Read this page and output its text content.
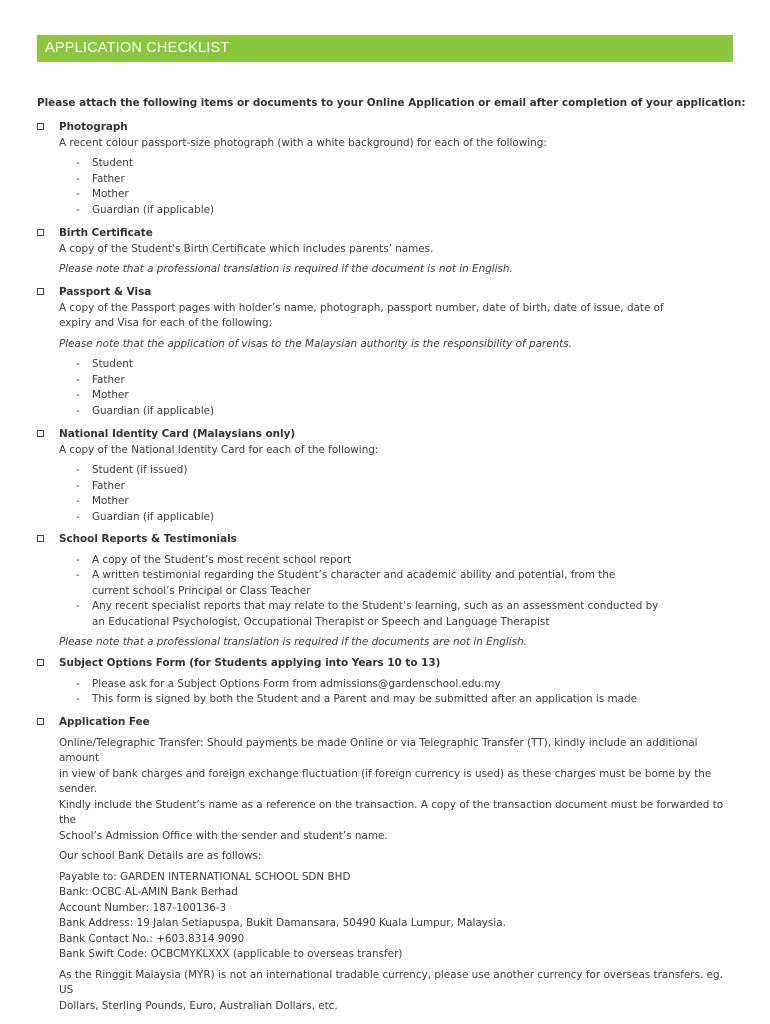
APPLICATION CHECKLIST
Please attach the following items or documents to your Online Application or email after completion of your application:
Photograph
A recent colour passport-size photograph (with a white background) for each of the following:
- Student
- Father
- Mother
- Guardian (if applicable)
Birth Certificate
A copy of the Student's Birth Certificate which includes parents’ names.
Please note that a professional translation is required if the document is not in English.
Passport & Visa
A copy of the Passport pages with holder’s name, photograph, passport number, date of birth, date of issue, date of
expiry and Visa for each of the following:
Please note that the application of visas to the Malaysian authority is the responsibility of parents.
- Student
- Father
- Mother
- Guardian (if applicable)
National Identity Card (Malaysians only)
A copy of the National Identity Card for each of the following:
- Student (if issued)
- Father
- Mother
- Guardian (if applicable)
School Reports & Testimonials
- A copy of the Student’s most recent school report
- A written testimonial regarding the Student’s character and academic ability and potential, from the
current school’s Principal or Class Teacher
- Any recent specialist reports that may relate to the Student’s learning, such as an assessment conducted by
an Educational Psychologist, Occupational Therapist or Speech and Language Therapist
Please note that a professional translation is required if the documents are not in English.
Subject Options Form (for Students applying into Years 10 to 13)
- Please ask for a Subject Options Form from admissions@gardenschool.edu.my
- This form is signed by both the Student and a Parent and may be submitted after an application is made
Application Fee
Online/Telegraphic Transfer: Should payments be made Online or via Telegraphic Transfer (TT), kindly include an additional amount
in view of bank charges and foreign exchange fluctuation (if foreign currency is used) as these charges must be borne by the sender.
Kindly include the Student’s name as a reference on the transaction. A copy of the transaction document must be forwarded to the
School’s Admission Office with the sender and student’s name.
Our school Bank Details are as follows:
Payable to: GARDEN INTERNATIONAL SCHOOL SDN BHD
Bank: OCBC AL-AMIN Bank Berhad
Account Number: 187-100136-3
Bank Address: 19 Jalan Setiapuspa, Bukit Damansara, 50490 Kuala Lumpur, Malaysia.
Bank Contact No.: +603.8314 9090
Bank Swift Code: OCBCMYKLXXX (applicable to overseas transfer)
As the Ringgit Malaysia (MYR) is not an international tradable currency, please use another currency for overseas transfers. eg. US
Dollars, Sterling Pounds, Euro, Australian Dollars, etc.
